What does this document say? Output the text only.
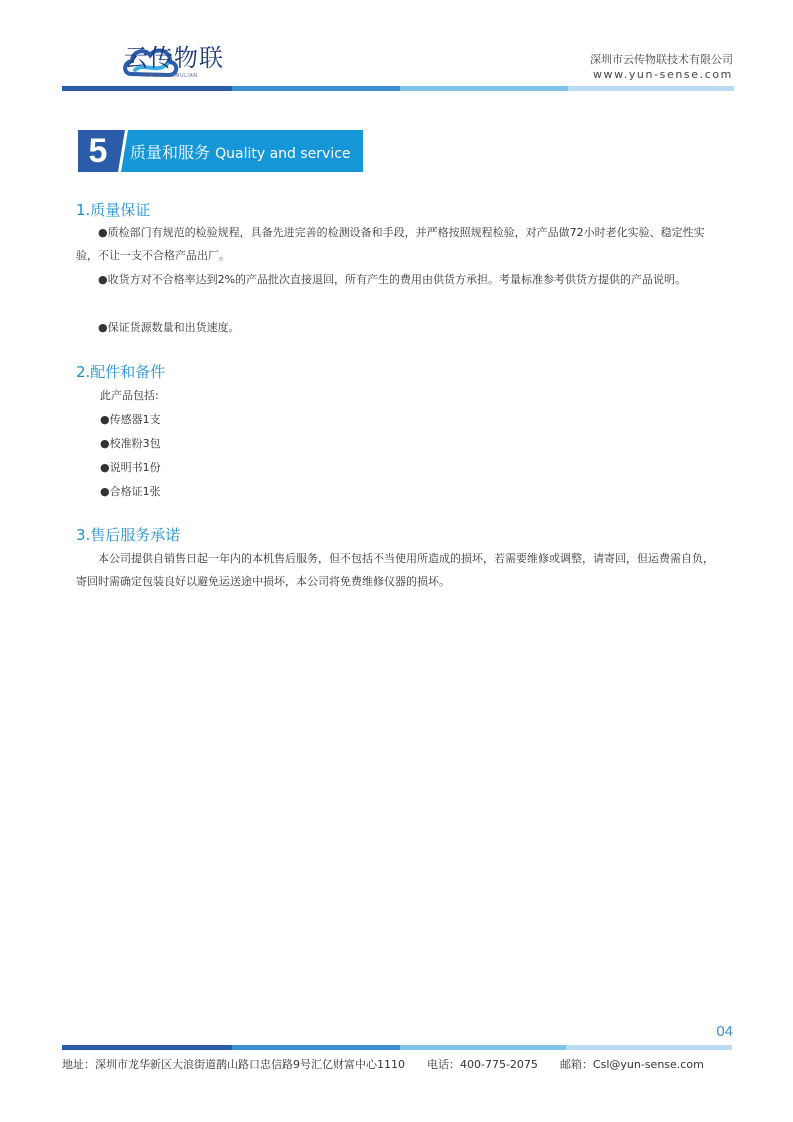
云传物联
YUNCHUANWULIAN
深圳市云传物联技术有限公司
www.yun-sense.com
5	质量和服务 Quality and service
1.质量保证

●质检部门有规范的检验规程，具备先进完善的检测设备和手段，并严格按照规程检验，对产品做72小时老化实验、稳定性实验，不让一支不合格产品出厂。

●收货方对不合格率达到2%的产品批次直接退回，所有产生的费用由供货方承担。考量标准参考供货方提供的产品说明。

●保证货源数量和出货速度。

2.配件和备件
此产品包括:
●传感器1支
●校准粉3包
●说明书1份
●合格证1张
3.售后服务承诺

本公司提供自销售日起一年内的本机售后服务，但不包括不当使用所造成的损坏，若需要维修或调整，请寄回，但运费需自负，寄回时需确定包装良好以避免运送途中损坏，本公司将免费维修仪器的损坏。

04
地址：深圳市龙华新区大浪街道鹊山路口忠信路9号汇亿财富中心1110 电话：400-775-2075 邮箱：Csl@yun-sense.com
